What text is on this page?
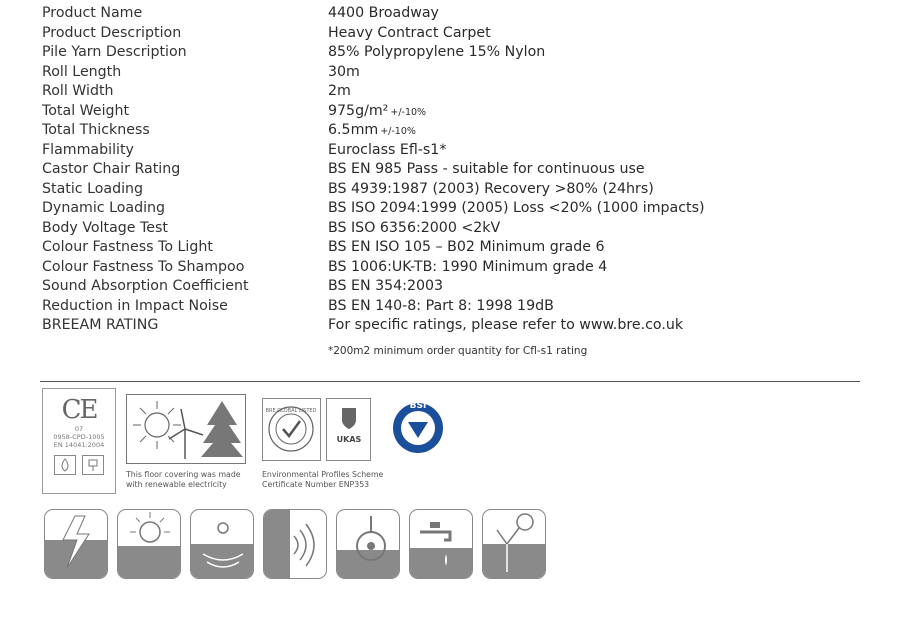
Product Name	4400 Broadway
Product Description	Heavy Contract Carpet
Pile Yarn Description	85% Polypropylene 15% Nylon
Roll Length	30m
Roll Width	2m
Total Weight	975g/m² +/-10%
Total Thickness	6.5mm +/-10%
Flammability	Euroclass Efl-s1*
Castor Chair Rating	BS EN 985 Pass - suitable for continuous use
Static Loading	BS 4939:1987 (2003) Recovery >80% (24hrs)
Dynamic Loading	BS ISO 2094:1999 (2005) Loss <20% (1000 impacts)
Body Voltage Test	BS ISO 6356:2000 <2kV
Colour Fastness To Light	BS EN ISO 105 – B02 Minimum grade 6
Colour Fastness To Shampoo	BS 1006:UK-TB: 1990 Minimum grade 4
Sound Absorption Coefficient	BS EN 354:2003
Reduction in Impact Noise	BS EN 140-8: Part 8: 1998 19dB
BREEAM RATING	For specific ratings, please refer to www.bre.co.uk
*200m2 minimum order quantity for Cfl-s1 rating
CE
07
0958-CPD-1005
EN 14041:2004
This floor covering was made with renewable electricity
BRE GLOBAL LISTED
UKAS
Environmental Profiles Scheme Certificate Number ENP353
BSI
